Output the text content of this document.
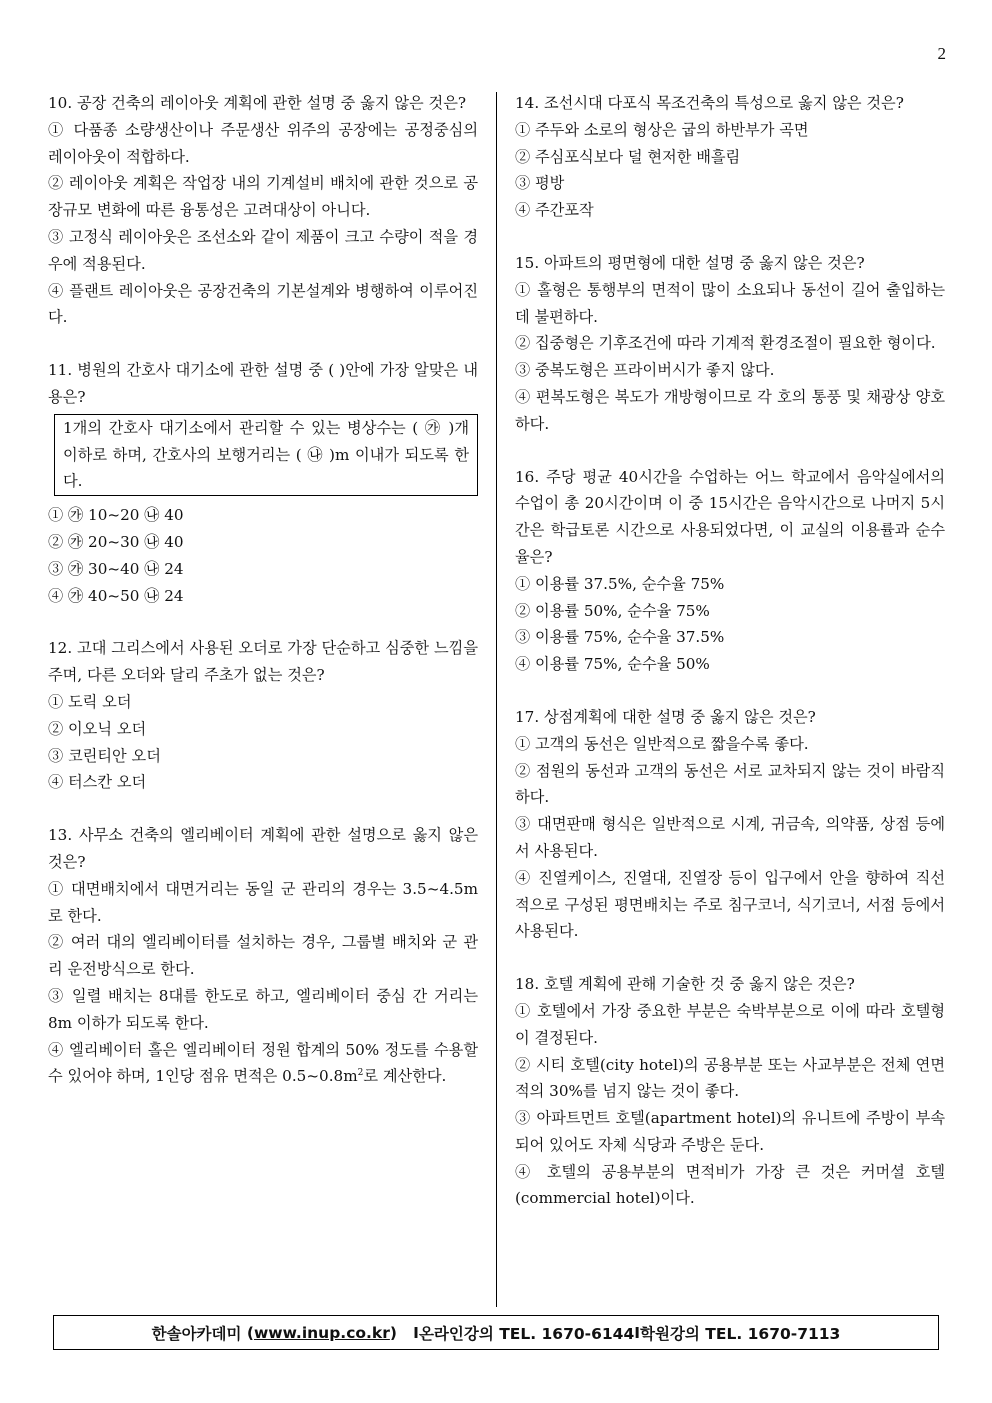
2
10. 공장 건축의 레이아웃 계획에 관한 설명 중 옳지 않은 것은?
① 다품종 소량생산이나 주문생산 위주의 공장에는 공정중심의 레이아웃이 적합하다.
② 레이아웃 계획은 작업장 내의 기계설비 배치에 관한 것으로 공장규모 변화에 따른 융통성은 고려대상이 아니다.
③ 고정식 레이아웃은 조선소와 같이 제품이 크고 수량이 적을 경우에 적용된다.
④ 플랜트 레이아웃은 공장건축의 기본설계와 병행하여 이루어진다.
11. 병원의 간호사 대기소에 관한 설명 중 ( )안에 가장 알맞은 내용은?
1개의 간호사 대기소에서 관리할 수 있는 병상수는 ( ㉮ )개 이하로 하며, 간호사의 보행거리는 ( ㉯ )m 이내가 되도록 한다.
① ㉮ 10~20 ㉯ 40
② ㉮ 20~30 ㉯ 40
③ ㉮ 30~40 ㉯ 24
④ ㉮ 40~50 ㉯ 24
12. 고대 그리스에서 사용된 오더로 가장 단순하고 심중한 느낌을 주며, 다른 오더와 달리 주초가 없는 것은?
① 도릭 오더
② 이오닉 오더
③ 코린티안 오더
④ 터스칸 오더
13. 사무소 건축의 엘리베이터 계획에 관한 설명으로 옳지 않은 것은?
① 대면배치에서 대면거리는 동일 군 관리의 경우는 3.5~4.5m로 한다.
② 여러 대의 엘리베이터를 설치하는 경우, 그룹별 배치와 군 관리 운전방식으로 한다.
③ 일렬 배치는 8대를 한도로 하고, 엘리베이터 중심 간 거리는 8m 이하가 되도록 한다.
④ 엘리베이터 홀은 엘리베이터 정원 합계의 50% 정도를 수용할 수 있어야 하며, 1인당 점유 면적은 $0.5\sim 0.8m^2$로 계산한다.
14. 조선시대 다포식 목조건축의 특성으로 옳지 않은 것은?
① 주두와 소로의 형상은 굽의 하반부가 곡면
② 주심포식보다 덜 현저한 배흘림
③ 평방
④ 주간포작
15. 아파트의 평면형에 대한 설명 중 옳지 않은 것은?
① 홀형은 통행부의 면적이 많이 소요되나 동선이 길어 출입하는데 불편하다.
② 집중형은 기후조건에 따라 기계적 환경조절이 필요한 형이다.
③ 중복도형은 프라이버시가 좋지 않다.
④ 편복도형은 복도가 개방형이므로 각 호의 통풍 및 채광상 양호하다.
16. 주당 평균 40시간을 수업하는 어느 학교에서 음악실에서의 수업이 총 20시간이며 이 중 15시간은 음악시간으로 나머지 5시간은 학급토론 시간으로 사용되었다면, 이 교실의 이용률과 순수율은?
① 이용률 37.5%, 순수율 75%
② 이용률 50%, 순수율 75%
③ 이용률 75%, 순수율 37.5%
④ 이용률 75%, 순수율 50%
17. 상점계획에 대한 설명 중 옳지 않은 것은?
① 고객의 동선은 일반적으로 짧을수록 좋다.
② 점원의 동선과 고객의 동선은 서로 교차되지 않는 것이 바람직하다.
③ 대면판매 형식은 일반적으로 시계, 귀금속, 의약품, 상점 등에서 사용된다.
④ 진열케이스, 진열대, 진열장 등이 입구에서 안을 향하여 직선적으로 구성된 평면배치는 주로 침구코너, 식기코너, 서점 등에서 사용된다.
18. 호텔 계획에 관해 기술한 것 중 옳지 않은 것은?
① 호텔에서 가장 중요한 부분은 숙박부분으로 이에 따라 호텔형이 결정된다.
② 시티 호텔(city hotel)의 공용부분 또는 사교부분은 전체 연면적의 30%를 넘지 않는 것이 좋다.
③ 아파트먼트 호텔(apartment hotel)의 유니트에 주방이 부속되어 있어도 자체 식당과 주방은 둔다.
④ 호텔의 공용부분의 면적비가 가장 큰 것은 커머셜 호텔(commercial hotel)이다.
한솔아카데미 ( www.inup.co.kr ) I 온라인강의 TEL. 1670-6144 I 학원강의 TEL. 1670-7113
